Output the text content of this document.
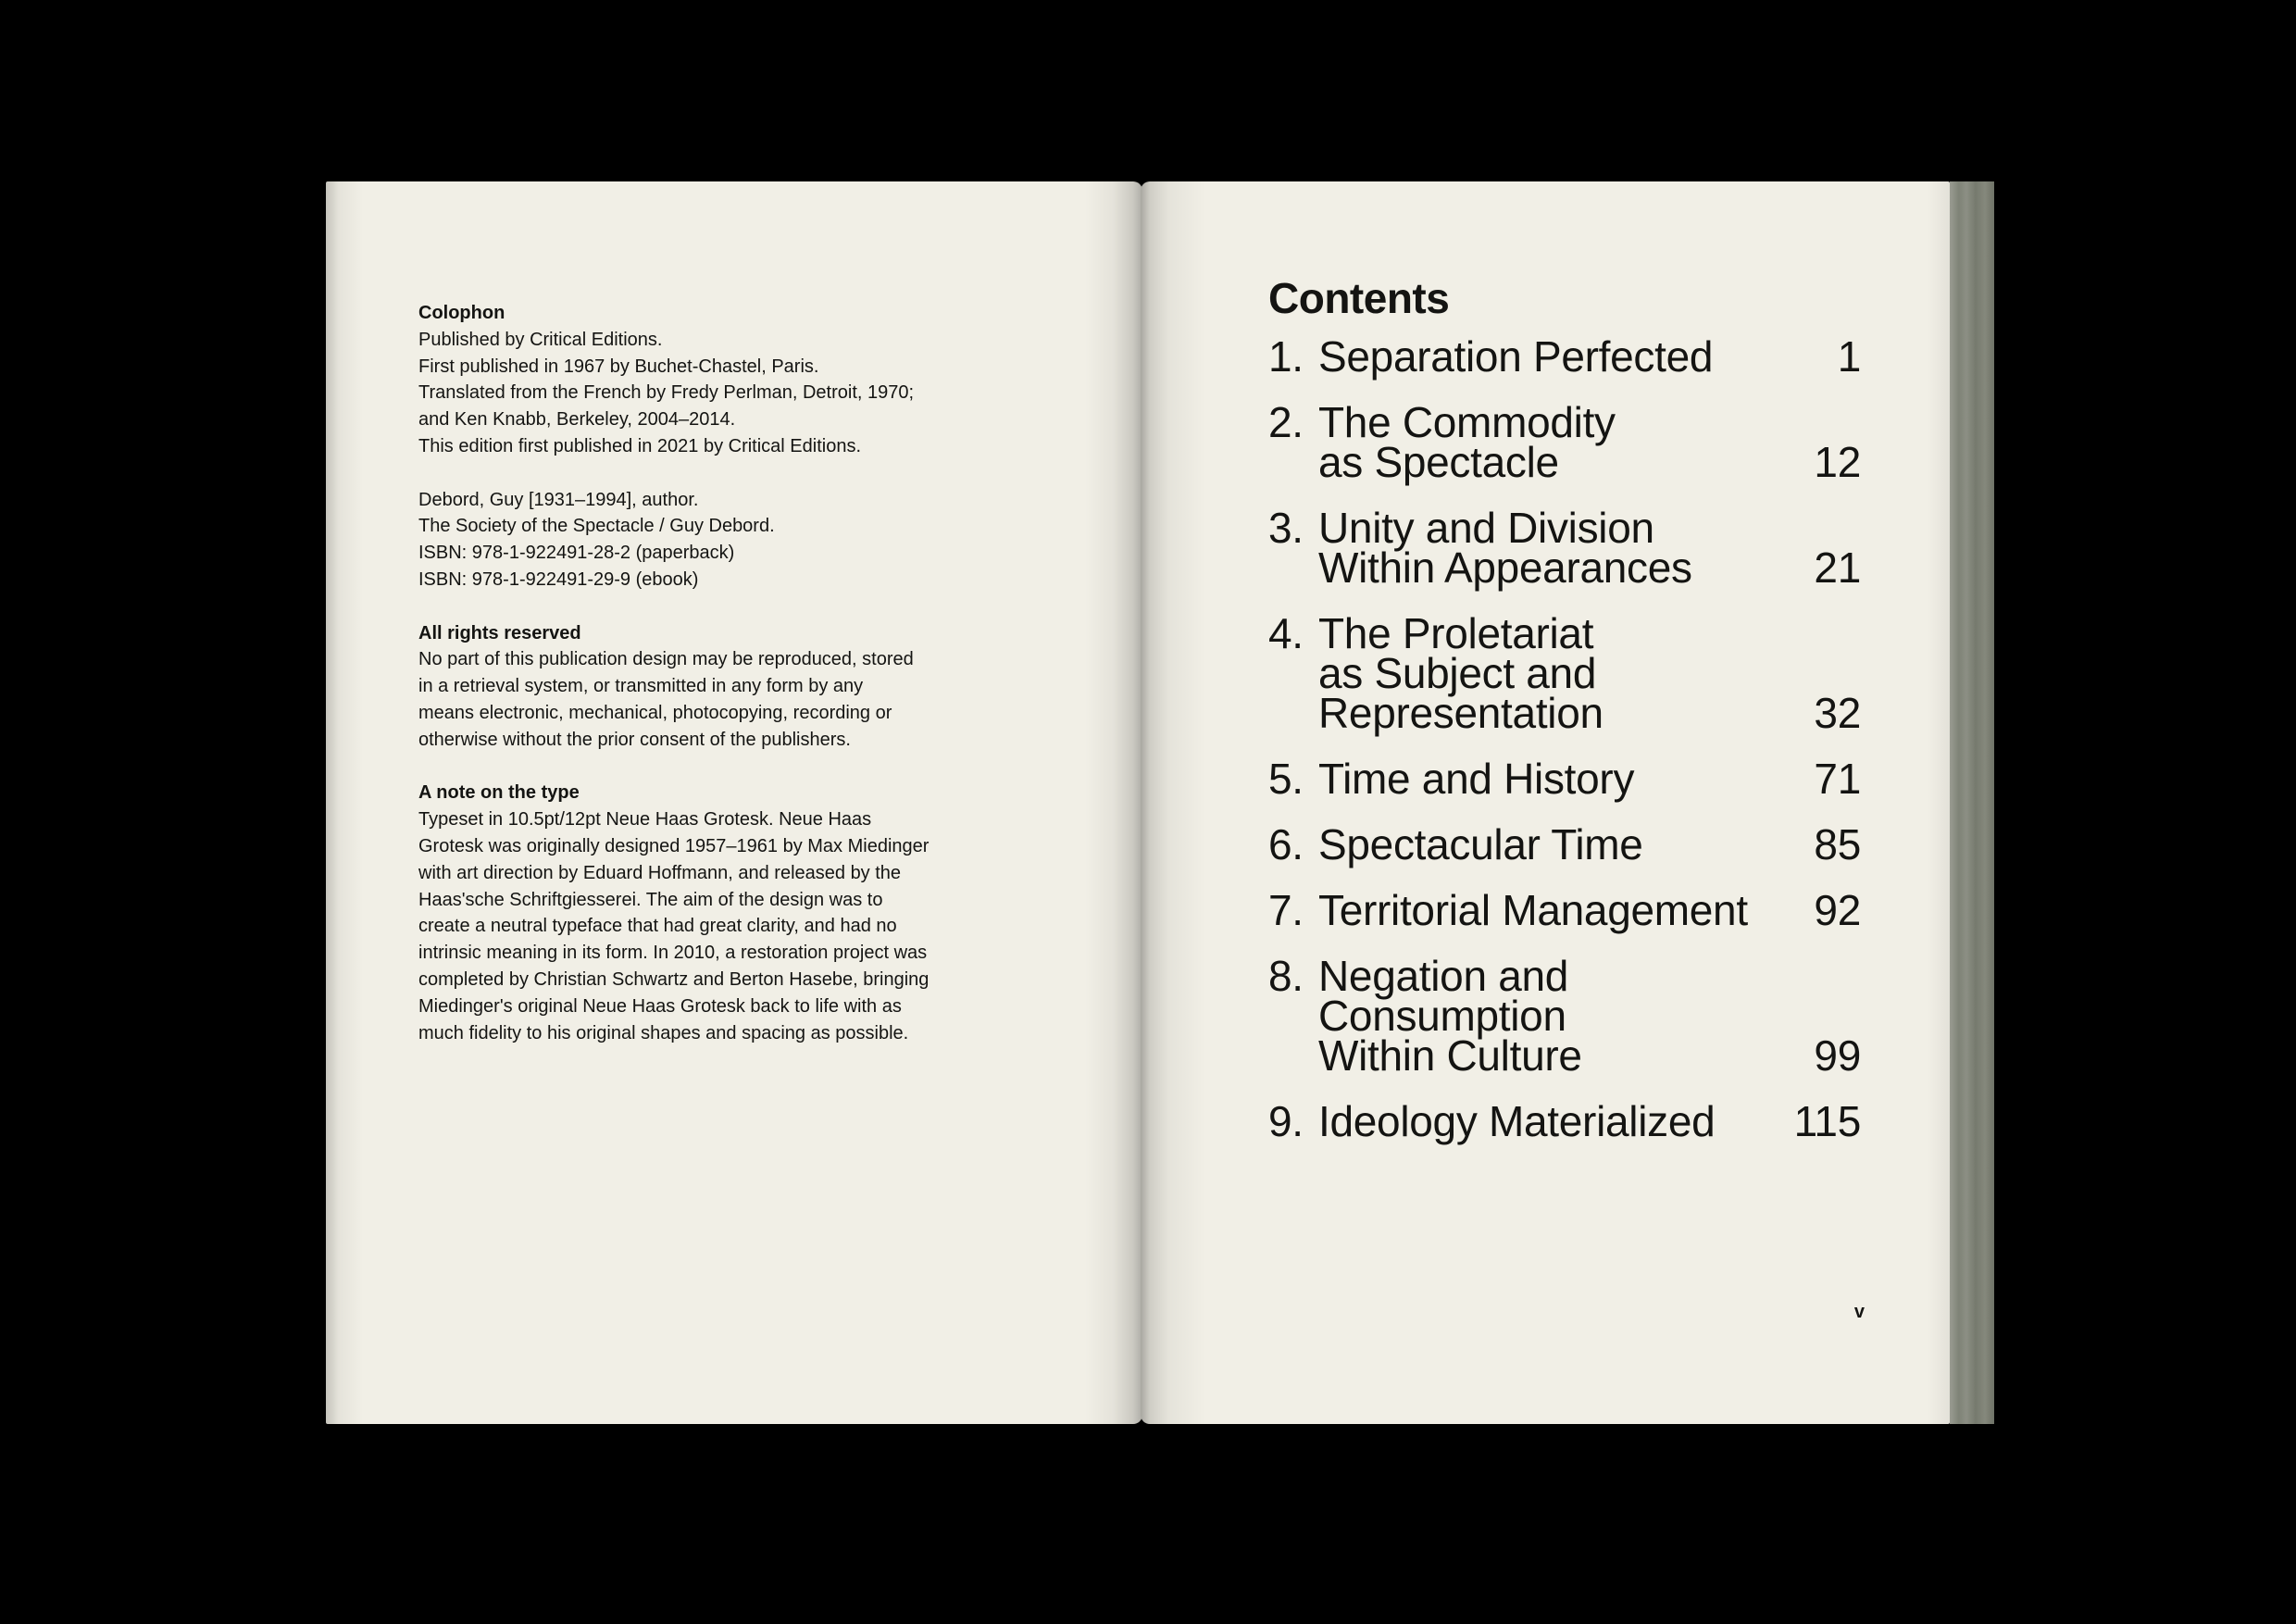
Colophon

Published by Critical Editions.

First published in 1967 by Buchet-Chastel, Paris.

Translated from the French by Fredy Perlman, Detroit, 1970;

and Ken Knabb, Berkeley, 2004–2014.

This edition first published in 2021 by Critical Editions.

Debord, Guy [1931–1994], author.

The Society of the Spectacle / Guy Debord.

ISBN: 978-1-922491-28-2 (paperback)

ISBN: 978-1-922491-29-9 (ebook)

All rights reserved

No part of this publication design may be reproduced, stored

in a retrieval system, or transmitted in any form by any

means electronic, mechanical, photocopying, recording or

otherwise without the prior consent of the publishers.

A note on the type

Typeset in 10.5pt/12pt Neue Haas Grotesk. Neue Haas

Grotesk was originally designed 1957–1961 by Max Miedinger

with art direction by Eduard Hoffmann, and released by the

Haas'sche Schriftgiesserei. The aim of the design was to

create a neutral typeface that had great clarity, and had no

intrinsic meaning in its form. In 2010, a restoration project was

completed by Christian Schwartz and Berton Hasebe, bringing

Miedinger's original Neue Haas Grotesk back to life with as

much fidelity to his original shapes and spacing as possible.

Contents
1. Separation Perfected	1
2. The Commodity
as Spectacle	12
3. Unity and Division
Within Appearances	21
4. The Proletariat
as Subject and
Representation	32
5. Time and History	71
6. Spectacular Time	85
7. Territorial Management	92
8. Negation and
Consumption
Within Culture	99
9. Ideology Materialized	115
v
